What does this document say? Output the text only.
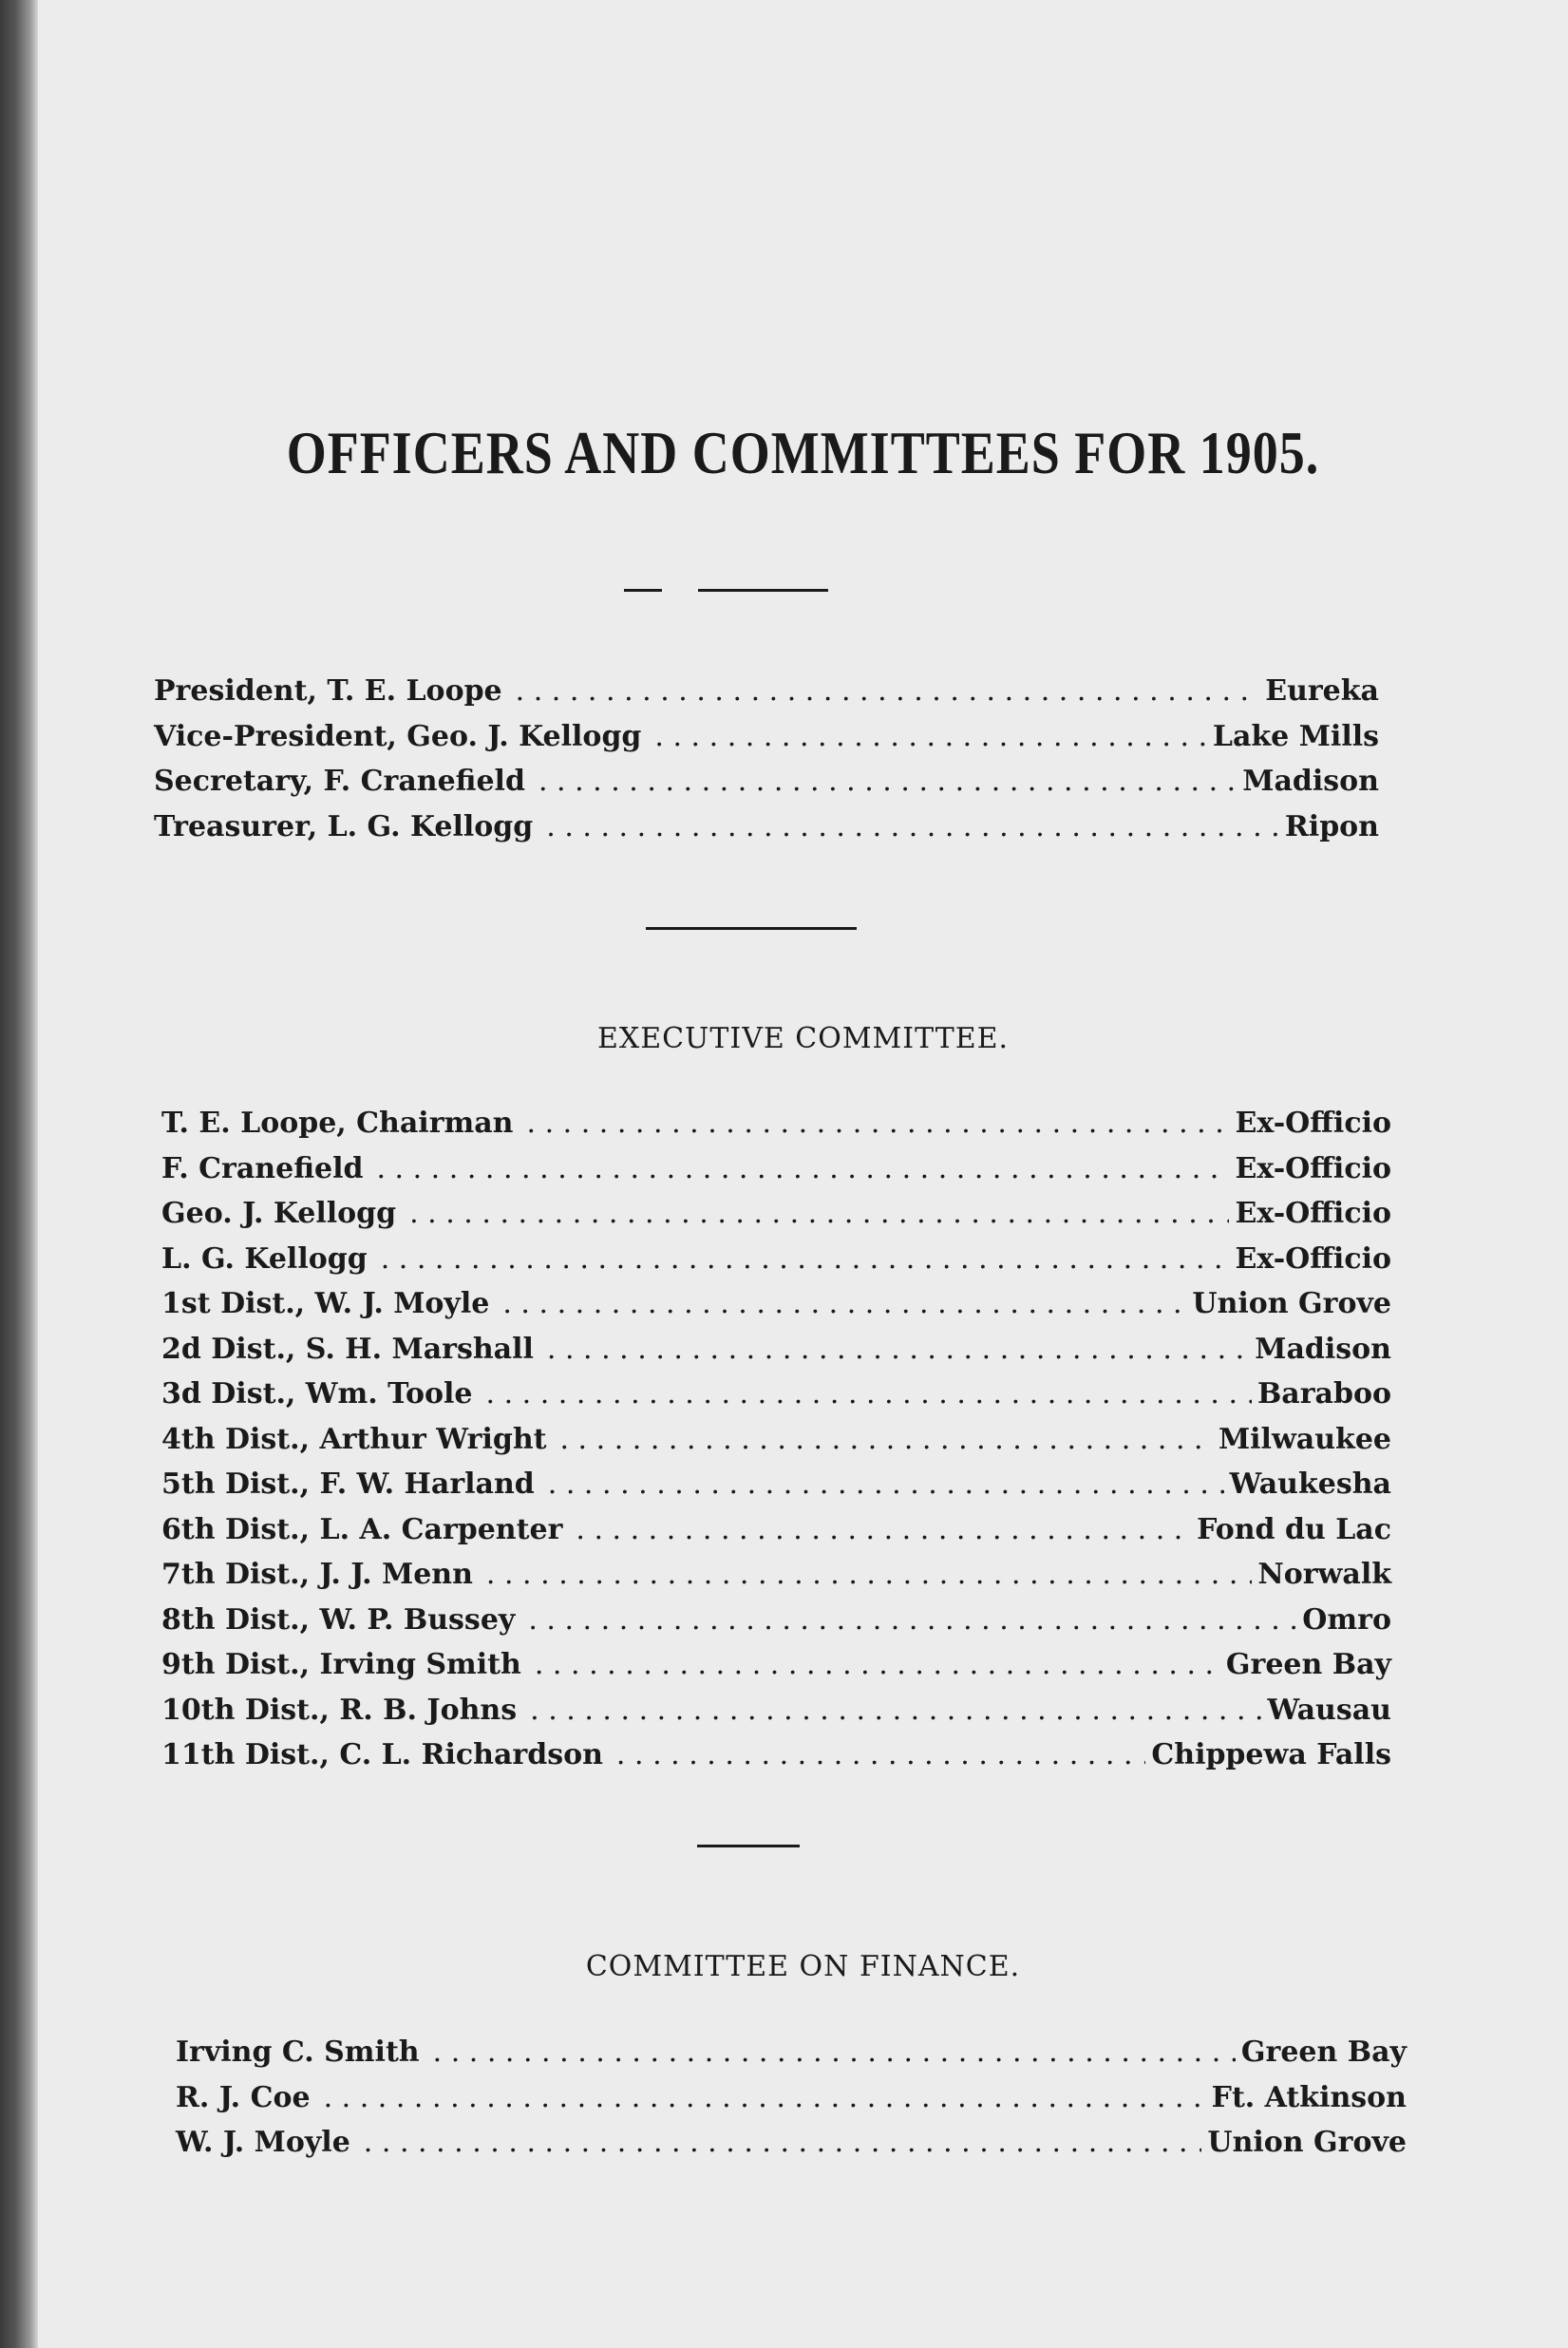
OFFICERS AND COMMITTEES FOR 1905.
President, T. E. Loope . . .	Eureka
Vice-President, Geo. J. Kellogg . . .	Lake Mills
Secretary, F. Cranefield . . .	Madison
Treasurer, L. G. Kellogg . . .	Ripon
EXECUTIVE COMMITTEE.
T. E. Loope, Chairman . . .	Ex-Officio
F. Cranefield . . .	Ex-Officio
Geo. J. Kellogg . . .	Ex-Officio
L. G. Kellogg . . .	Ex-Officio
1st Dist., W. J. Moyle . . .	Union Grove
2d Dist., S. H. Marshall . . .	Madison
3d Dist., Wm. Toole . . .	Baraboo
4th Dist., Arthur Wright . . .	Milwaukee
5th Dist., F. W. Harland . . .	Waukesha
6th Dist., L. A. Carpenter . . .	Fond du Lac
7th Dist., J. J. Menn . . .	Norwalk
8th Dist., W. P. Bussey . . .	Omro
9th Dist., Irving Smith . . .	Green Bay
10th Dist., R. B. Johns . . .	Wausau
11th Dist., C. L. Richardson . . .	Chippewa Falls
COMMITTEE ON FINANCE.
Irving C. Smith . . .	Green Bay
R. J. Coe . . .	Ft. Atkinson
W. J. Moyle . . .	Union Grove
